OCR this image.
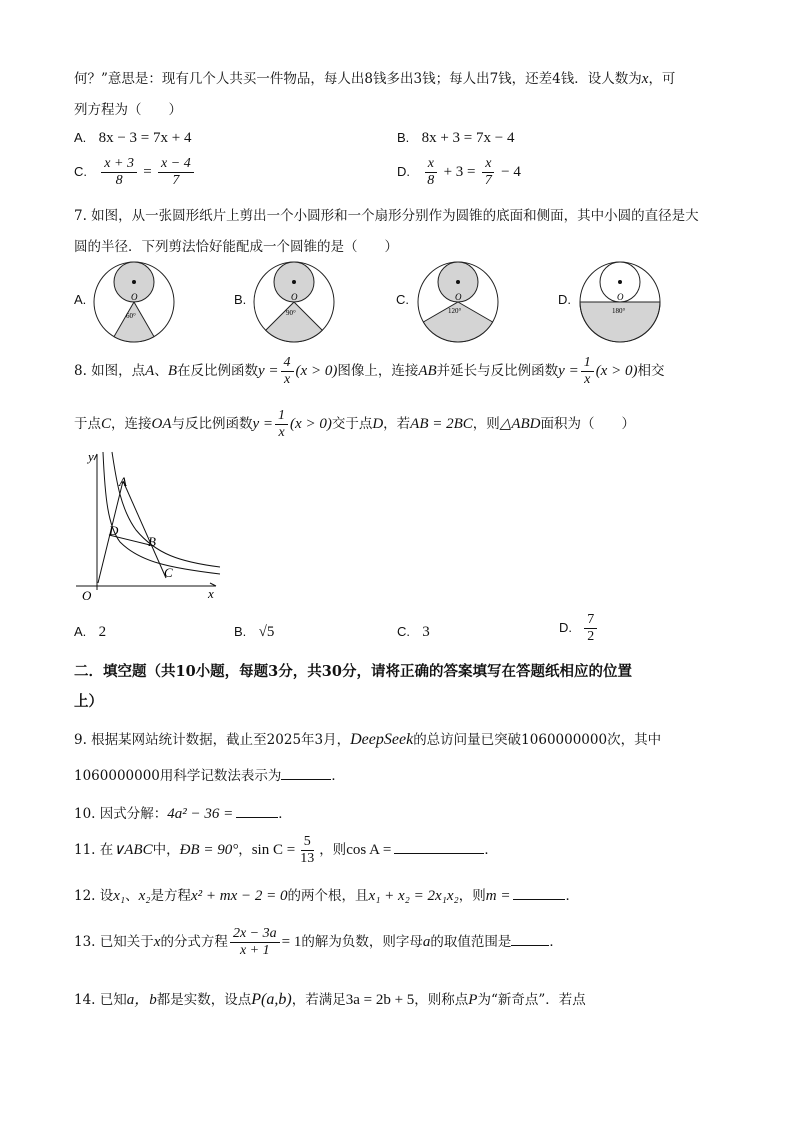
何？”意思是：现有几个人共买一件物品，每人出8钱多出3钱；每人出7钱，还差4钱．设人数为x，可
列方程为（　　）
A. 8x − 3 = 7x + 4	B. 8x + 3 = 7x − 4
C. $\frac{x + 3}{8} = \frac{x - 4}{7}$	D. $\frac{x}{8} + 3 = \frac{x}{7} - 4$
7. 如图，从一张圆形纸片上剪出一个小圆形和一个扇形分别作为圆锥的底面和侧面，其中小圆的直径是大
圆的半径．下列剪法恰好能配成一个圆锥的是（　　）
A.	O
60°
B.	O
90°
C.	O
120°
D.	O
180°
8. 如图，点A、B在反比例函数$y = \frac{4}{x} (x > 0)$图像上，连接AB并延长与反比例函数$y = \frac{1}{x} (x > 0)$相交
于点C，连接OA与反比例函数$y = \frac{1}{x} (x > 0)$交于点D，若AB = 2BC，则△ABD面积为（　　）
y
x
O
A
D
B
C
A. 2	B. √5	C. 3	D. $\frac{7}{2}$
二．填空题（共10小题，每题3分，共30分，请将正确的答案填写在答题纸相应的位置
上）
9. 根据某网站统计数据，截止至2025年3月，DeepSeek的总访问量已突破1060000000次，其中
1060000000用科学记数法表示为	．
10. 因式分解：4a² − 36 =	．
11. 在∨ABC中，ÐB = 90°，$\sin C = \frac{5}{13}$ ，则cos A =	．
12. 设x₁、x₂是方程x² + mx − 2 = 0的两个根，且x₁ + x₂ = 2x₁x₂，则m =	．
13. 已知关于x的分式方程 $\frac{2x - 3a}{x + 1} = 1$的解为负数，则字母a的取值范围是	．
14. 已知a，b都是实数，设点P(a,b)，若满足3a = 2b + 5，则称点P为“新奇点”．若点
